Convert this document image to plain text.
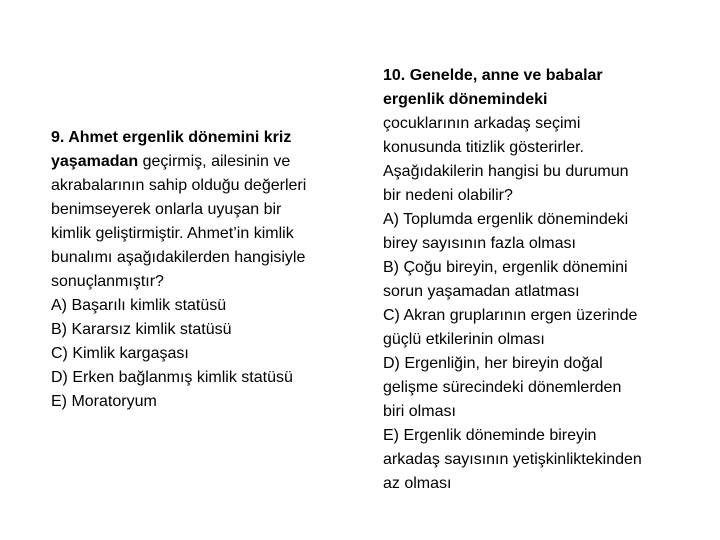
9. Ahmet ergenlik dönemini kriz
yaşamadan geçirmiş, ailesinin ve
akrabalarının sahip olduğu değerleri
benimseyerek onlarla uyuşan bir
kimlik geliştirmiştir. Ahmet’in kimlik
bunalımı aşağıdakilerden hangisiyle
sonuçlanmıştır?
A) Başarılı kimlik statüsü
B) Kararsız kimlik statüsü
C) Kimlik kargaşası
D) Erken bağlanmış kimlik statüsü
E) Moratoryum
10. Genelde, anne ve babalar
ergenlik dönemindeki
çocuklarının arkadaş seçimi
konusunda titizlik gösterirler.
Aşağıdakilerin hangisi bu durumun
bir nedeni olabilir?
A) Toplumda ergenlik dönemindeki
birey sayısının fazla olması
B) Çoğu bireyin, ergenlik dönemini
sorun yaşamadan atlatması
C) Akran gruplarının ergen üzerinde
güçlü etkilerinin olması
D) Ergenliğin, her bireyin doğal
gelişme sürecindeki dönemlerden
biri olması
E) Ergenlik döneminde bireyin
arkadaş sayısının yetişkinliktekinden
az olması
